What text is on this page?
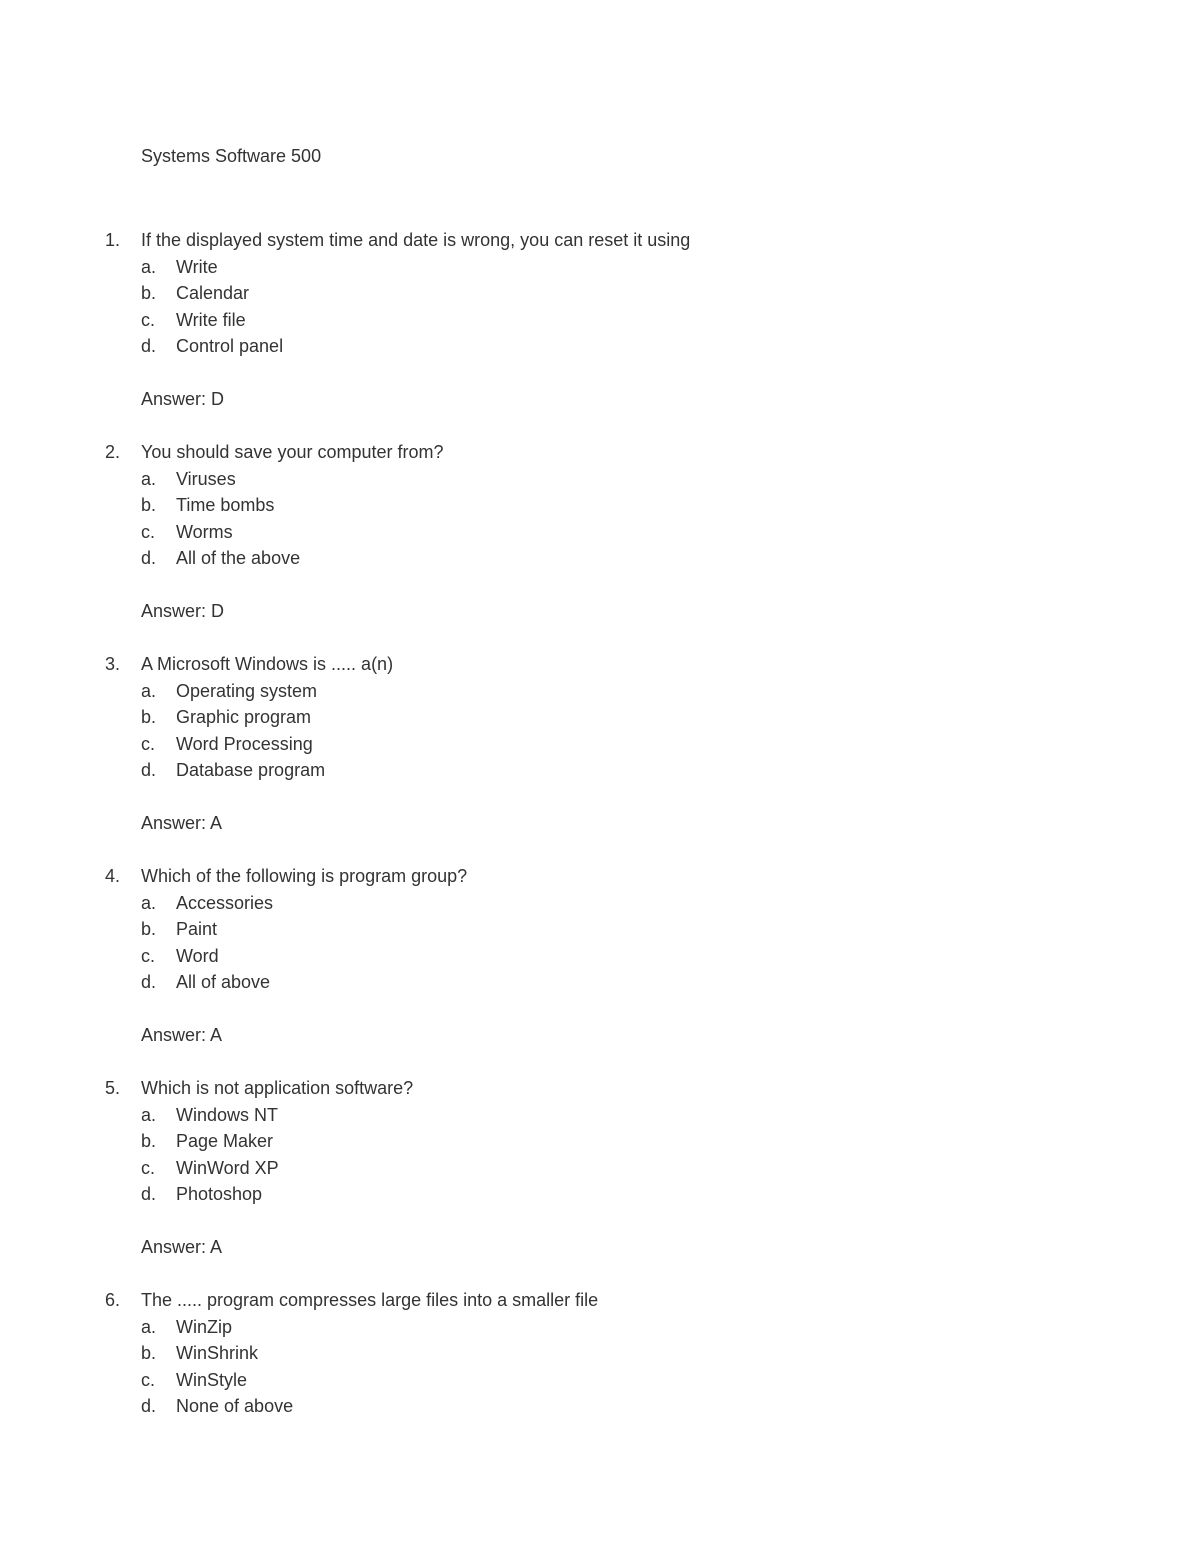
Systems Software 500
1. If the displayed system time and date is wrong, you can reset it using
a. Write
b. Calendar
c. Write file
d. Control panel
Answer: D
2. You should save your computer from?
a. Viruses
b. Time bombs
c. Worms
d. All of the above
Answer: D
3. A Microsoft Windows is ..... a(n)
a. Operating system
b. Graphic program
c. Word Processing
d. Database program
Answer: A
4. Which of the following is program group?
a. Accessories
b. Paint
c. Word
d. All of above
Answer: A
5. Which is not application software?
a. Windows NT
b. Page Maker
c. WinWord XP
d. Photoshop
Answer: A
6. The ..... program compresses large files into a smaller file
a. WinZip
b. WinShrink
c. WinStyle
d. None of above
